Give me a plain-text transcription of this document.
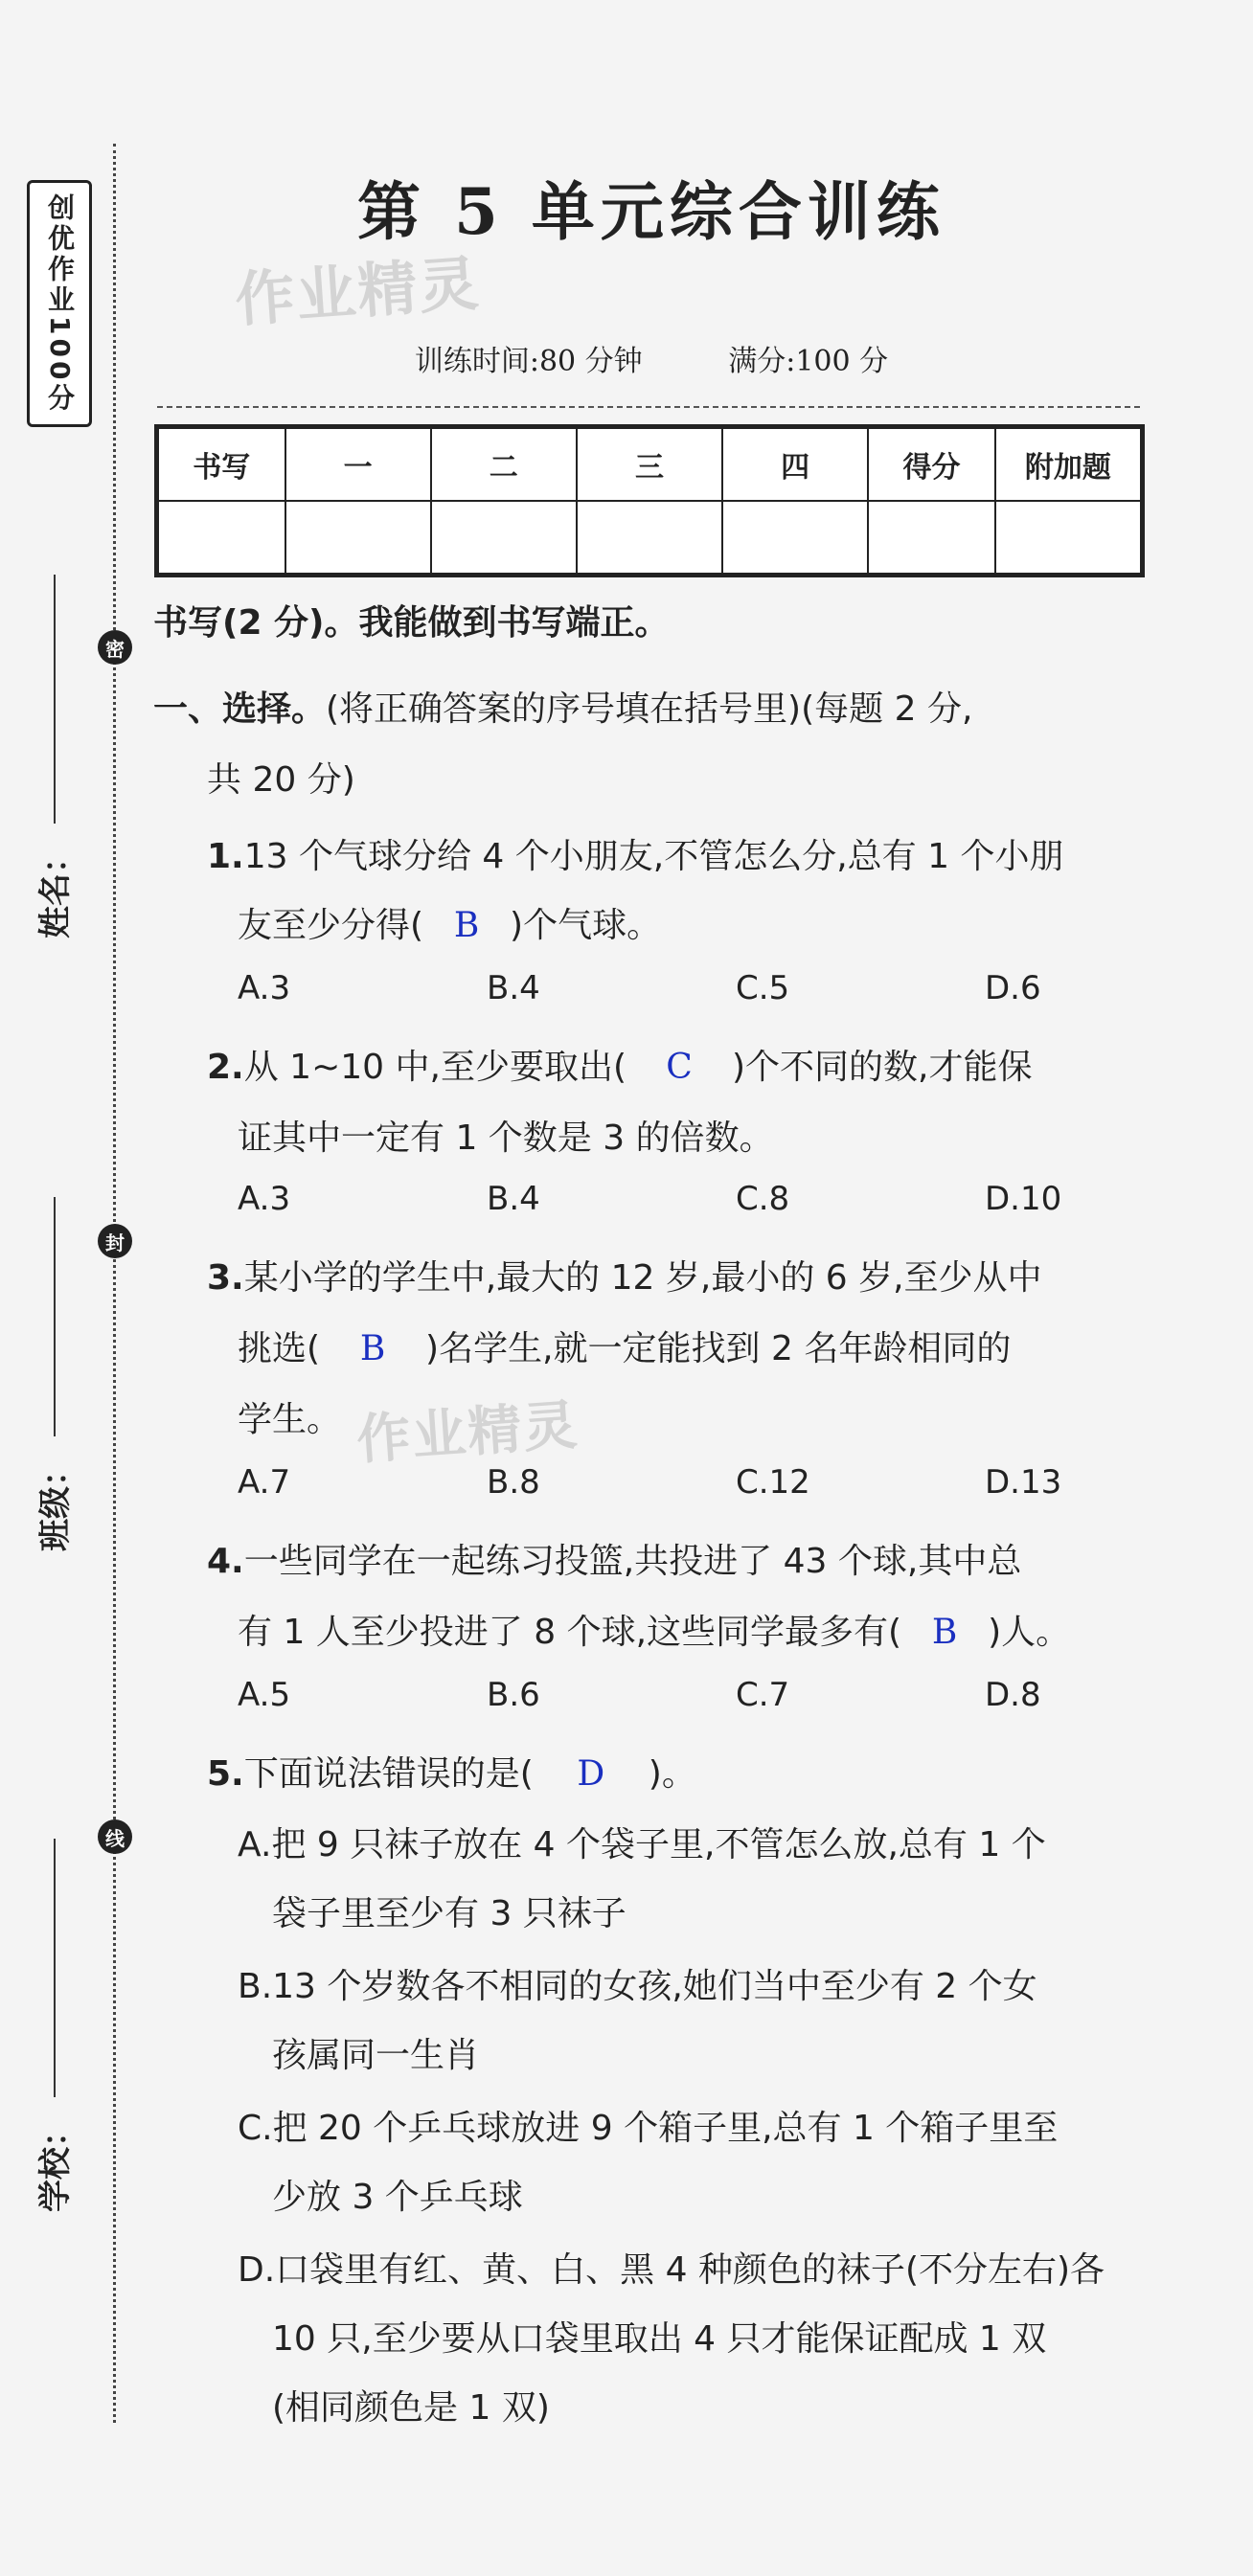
创优作业100分
密
封
线
姓名：
班级：
学校：
第 5 单元综合训练
作业精灵
训练时间:80 分钟	满分:100 分
书写	一	二	三	四	得分	附加题

书写(2 分)。我能做到书写端正。
一、选择。(将正确答案的序号填在括号里)(每题 2 分,
共 20 分)
1.13 个气球分给 4 个小朋友,不管怎么分,总有 1 个小朋
友至少分得( B )个气球。
A.3	B.4	C.5	D.6
2.从 1~10 中,至少要取出( C )个不同的数,才能保
证其中一定有 1 个数是 3 的倍数。
A.3	B.4	C.8	D.10
3.某小学的学生中,最大的 12 岁,最小的 6 岁,至少从中
挑选( B )名学生,就一定能找到 2 名年龄相同的
学生。 作业精灵
A.7	B.8	C.12	D.13
4.一些同学在一起练习投篮,共投进了 43 个球,其中总
有 1 人至少投进了 8 个球,这些同学最多有( B )人。
A.5	B.6	C.7	D.8
5.下面说法错误的是( D )。
A.把 9 只袜子放在 4 个袋子里,不管怎么放,总有 1 个
袋子里至少有 3 只袜子
B.13 个岁数各不相同的女孩,她们当中至少有 2 个女
孩属同一生肖
C.把 20 个乒乓球放进 9 个箱子里,总有 1 个箱子里至
少放 3 个乒乓球
D.口袋里有红、黄、白、黑 4 种颜色的袜子(不分左右)各
10 只,至少要从口袋里取出 4 只才能保证配成 1 双
(相同颜色是 1 双)
